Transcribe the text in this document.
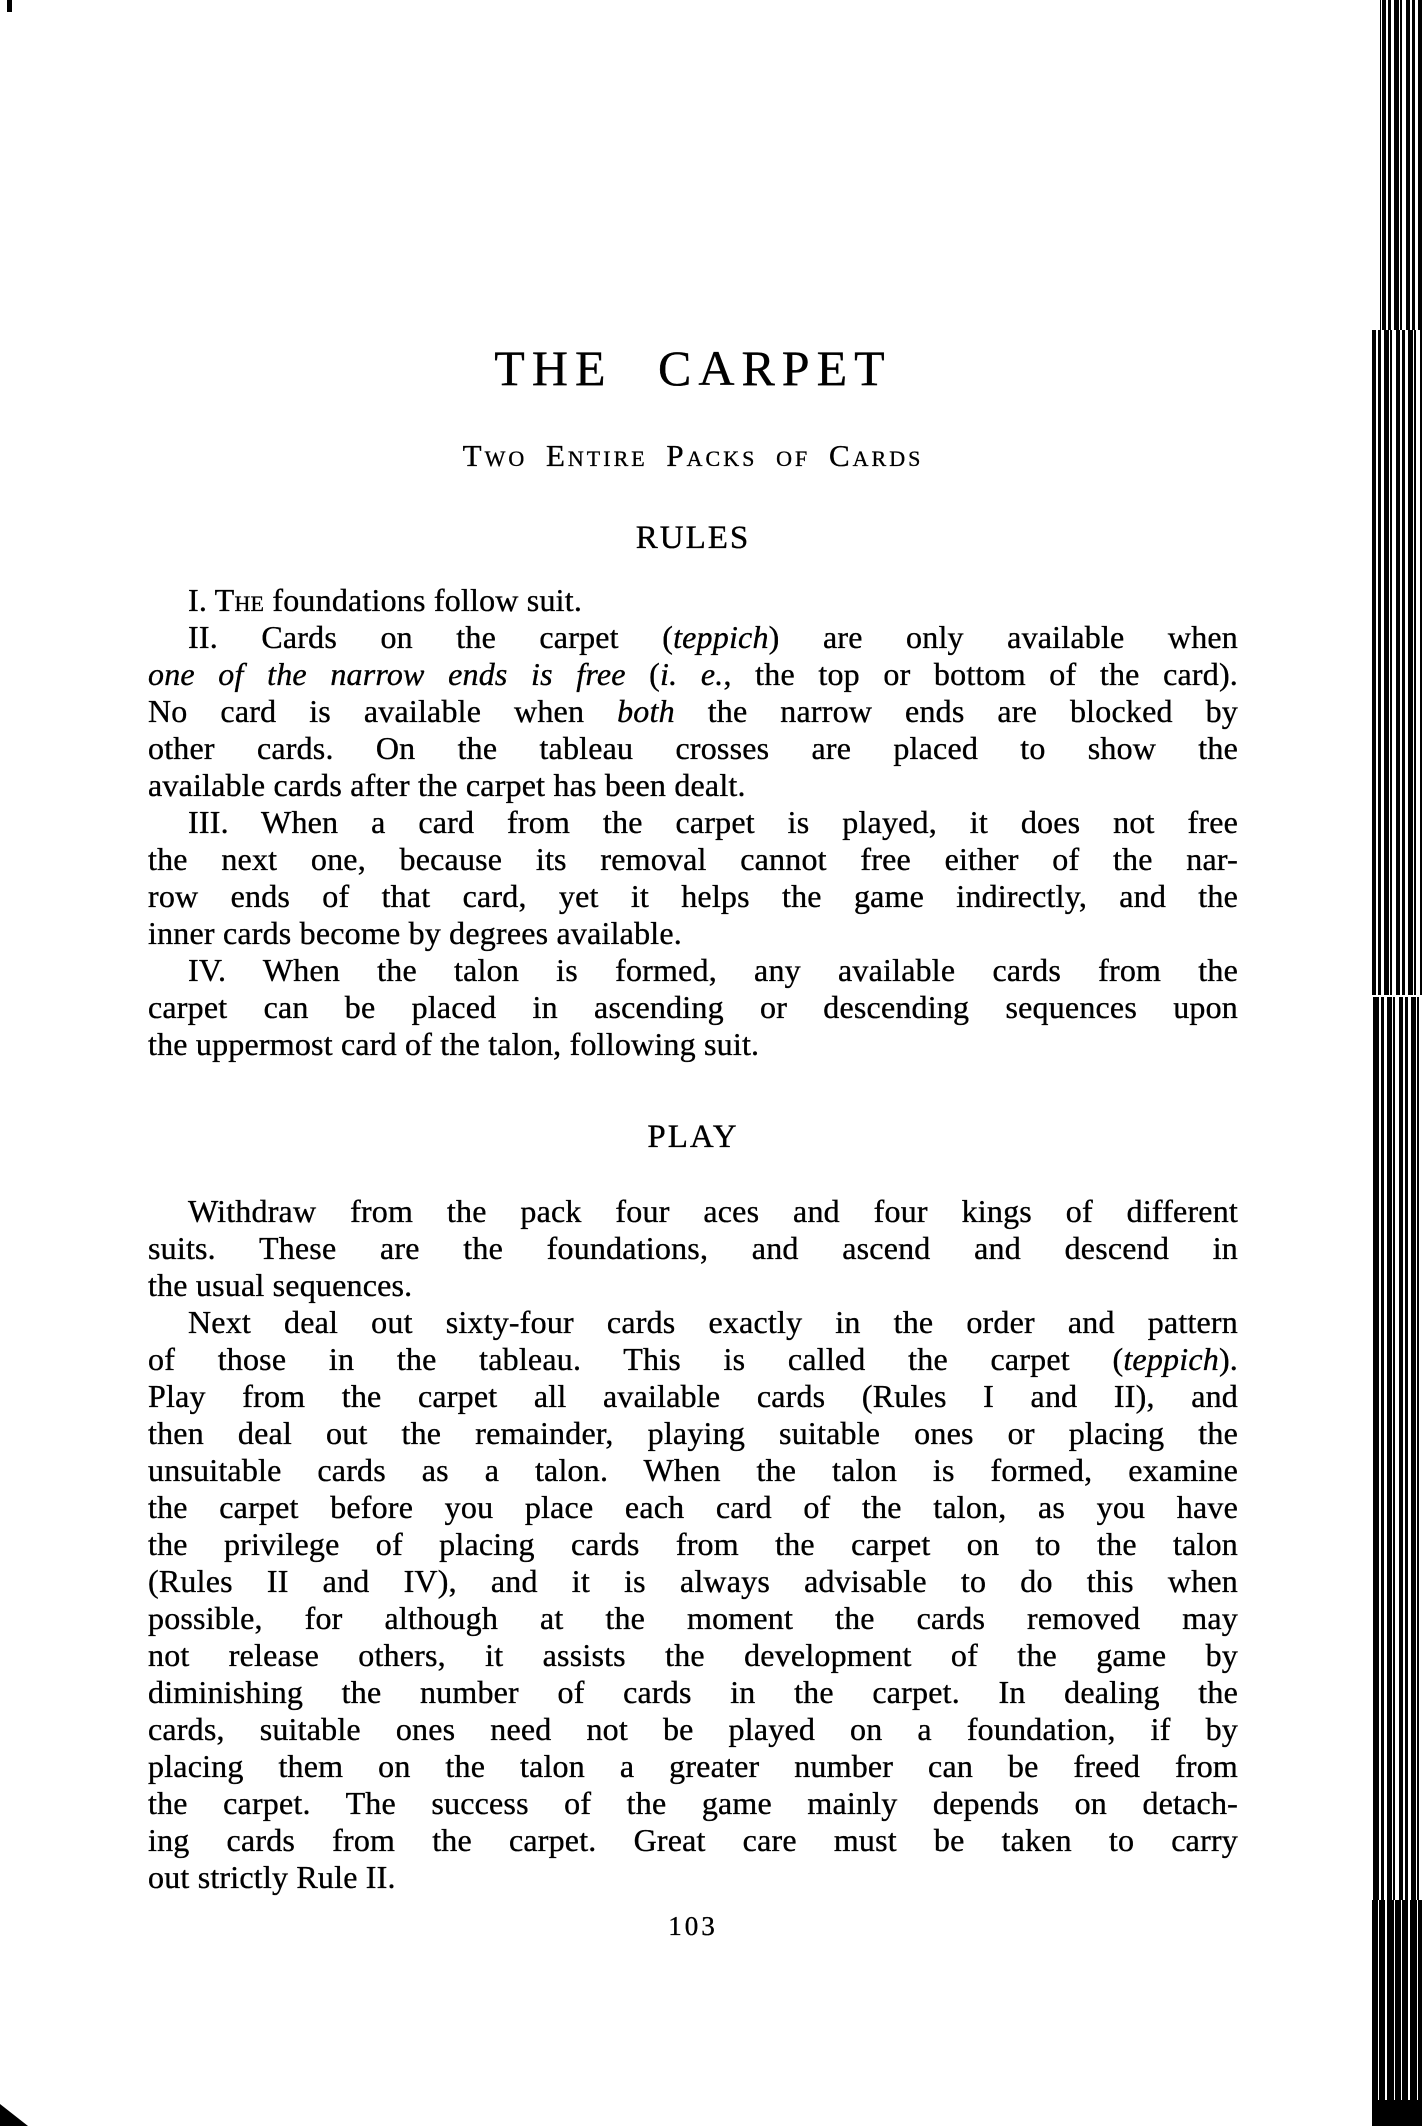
THE CARPET
Two Entire Packs of Cards
RULES
I. The foundations follow suit.
II. Cards on the carpet (teppich) are only available when
one of the narrow ends is free (i. e., the top or bottom of the card).
No card is available when both the narrow ends are blocked by
other cards. On the tableau crosses are placed to show the
available cards after the carpet has been dealt.
III. When a card from the carpet is played, it does not free
the next one, because its removal cannot free either of the nar-
row ends of that card, yet it helps the game indirectly, and the
inner cards become by degrees available.
IV. When the talon is formed, any available cards from the
carpet can be placed in ascending or descending sequences upon
the uppermost card of the talon, following suit.
PLAY
Withdraw from the pack four aces and four kings of different
suits. These are the foundations, and ascend and descend in
the usual sequences.
Next deal out sixty-four cards exactly in the order and pattern
of those in the tableau. This is called the carpet (teppich).
Play from the carpet all available cards (Rules I and II), and
then deal out the remainder, playing suitable ones or placing the
unsuitable cards as a talon. When the talon is formed, examine
the carpet before you place each card of the talon, as you have
the privilege of placing cards from the carpet on to the talon
(Rules II and IV), and it is always advisable to do this when
possible, for although at the moment the cards removed may
not release others, it assists the development of the game by
diminishing the number of cards in the carpet. In dealing the
cards, suitable ones need not be played on a foundation, if by
placing them on the talon a greater number can be freed from
the carpet. The success of the game mainly depends on detach-
ing cards from the carpet. Great care must be taken to carry
out strictly Rule II.
103
